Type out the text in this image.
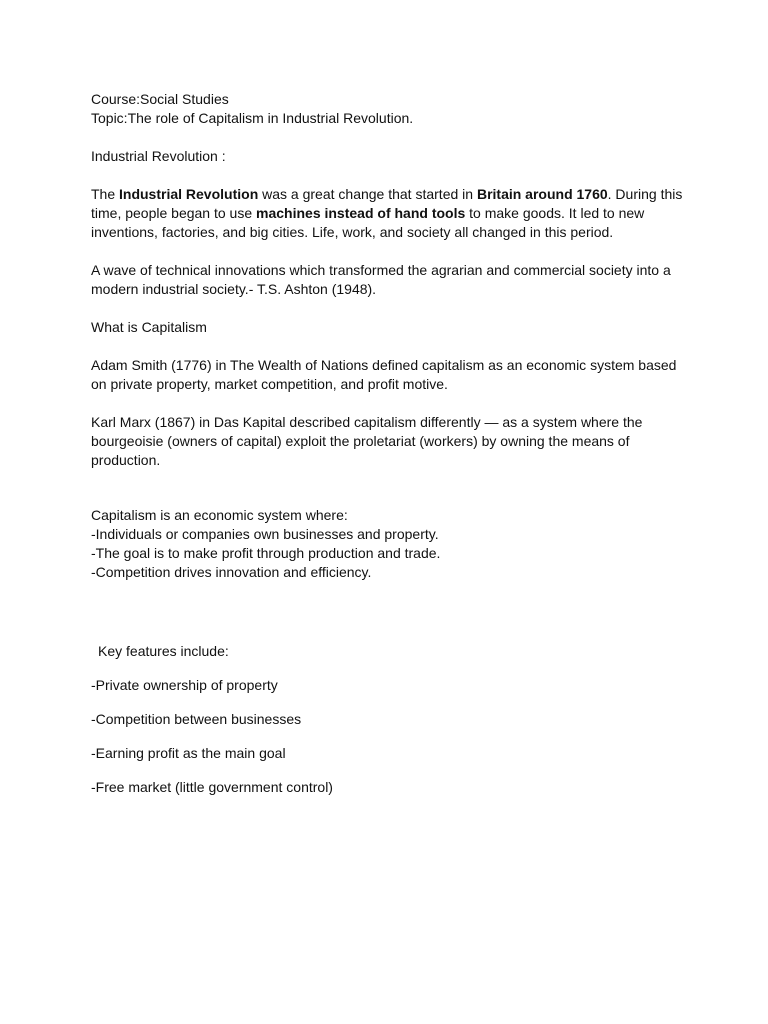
Course:Social Studies
Topic:The role of Capitalism in Industrial Revolution.
Industrial Revolution :
The Industrial Revolution was a great change that started in Britain around 1760. During this time, people began to use machines instead of hand tools to make goods. It led to new inventions, factories, and big cities. Life, work, and society all changed in this period.
A wave of technical innovations which transformed the agrarian and commercial society into a modern industrial society.- T.S. Ashton (1948).
What is Capitalism
Adam Smith (1776) in The Wealth of Nations defined capitalism as an economic system based on private property, market competition, and profit motive.
Karl Marx (1867) in Das Kapital described capitalism differently — as a system where the bourgeoisie (owners of capital) exploit the proletariat (workers) by owning the means of production.
Capitalism is an economic system where:
-Individuals or companies own businesses and property.
-The goal is to make profit through production and trade.
-Competition drives innovation and efficiency.
Key features include:
-Private ownership of property
-Competition between businesses
-Earning profit as the main goal
-Free market (little government control)
